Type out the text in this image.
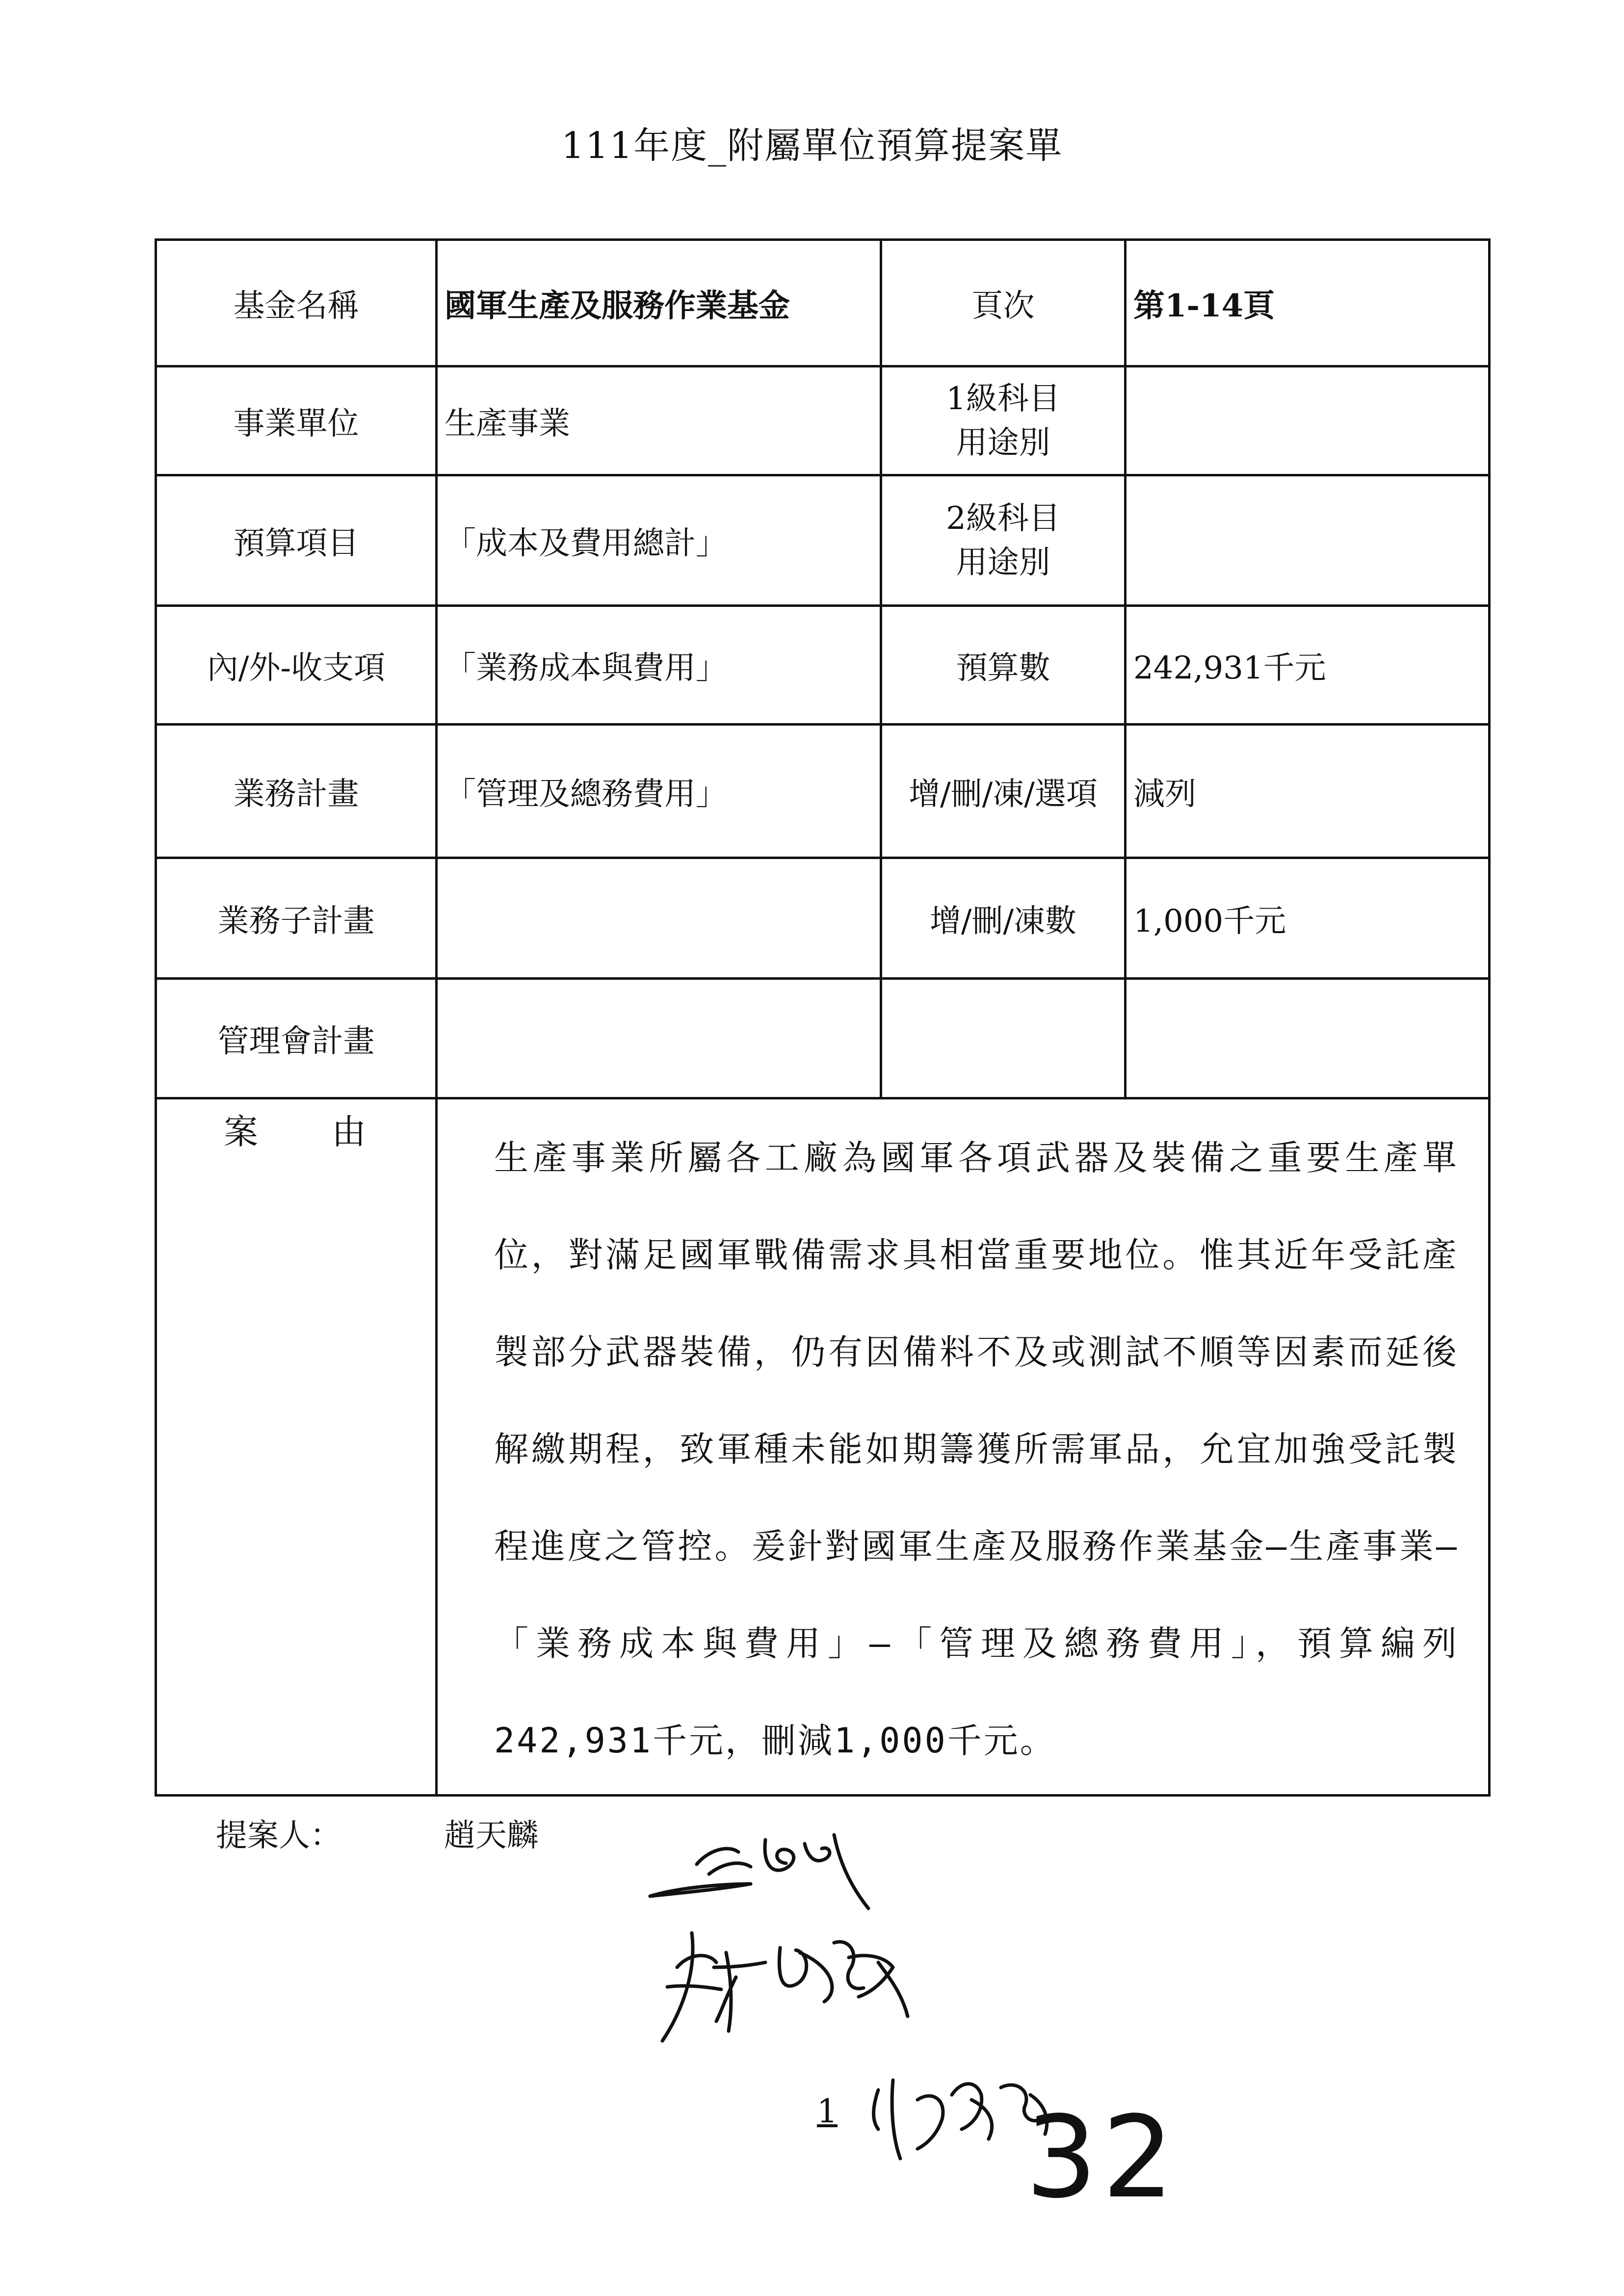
111年度_附屬單位預算提案單
基金名稱	國軍生產及服務作業基金	頁次	第1-14頁
事業單位	生產事業	1級科目
用途別	

預算項目	「成本及費用總計」	2級科目
用途別	

內/外-收支項	「業務成本與費用」	預算數	242,931千元
業務計畫	「管理及總務費用」	增/刪/凍/選項	減列
業務子計畫		增/刪/凍數	1,000千元
管理會計畫			

案 由	生產事業所屬各工廠為國軍各項武器及裝備之重要生產單位，對滿足國軍戰備需求具相當重要地位。惟其近年受託產製部分武器裝備，仍有因備料不及或測試不順等因素而延後解繳期程，致軍種未能如期籌獲所需軍品，允宜加強受託製程進度之管控。爰針對國軍生產及服務作業基金–生產事業–「業務成本與費用」–「管理及總務費用」，預算編列242,931千元，刪減1,000千元。		
提案人：	趙天麟
1 32
